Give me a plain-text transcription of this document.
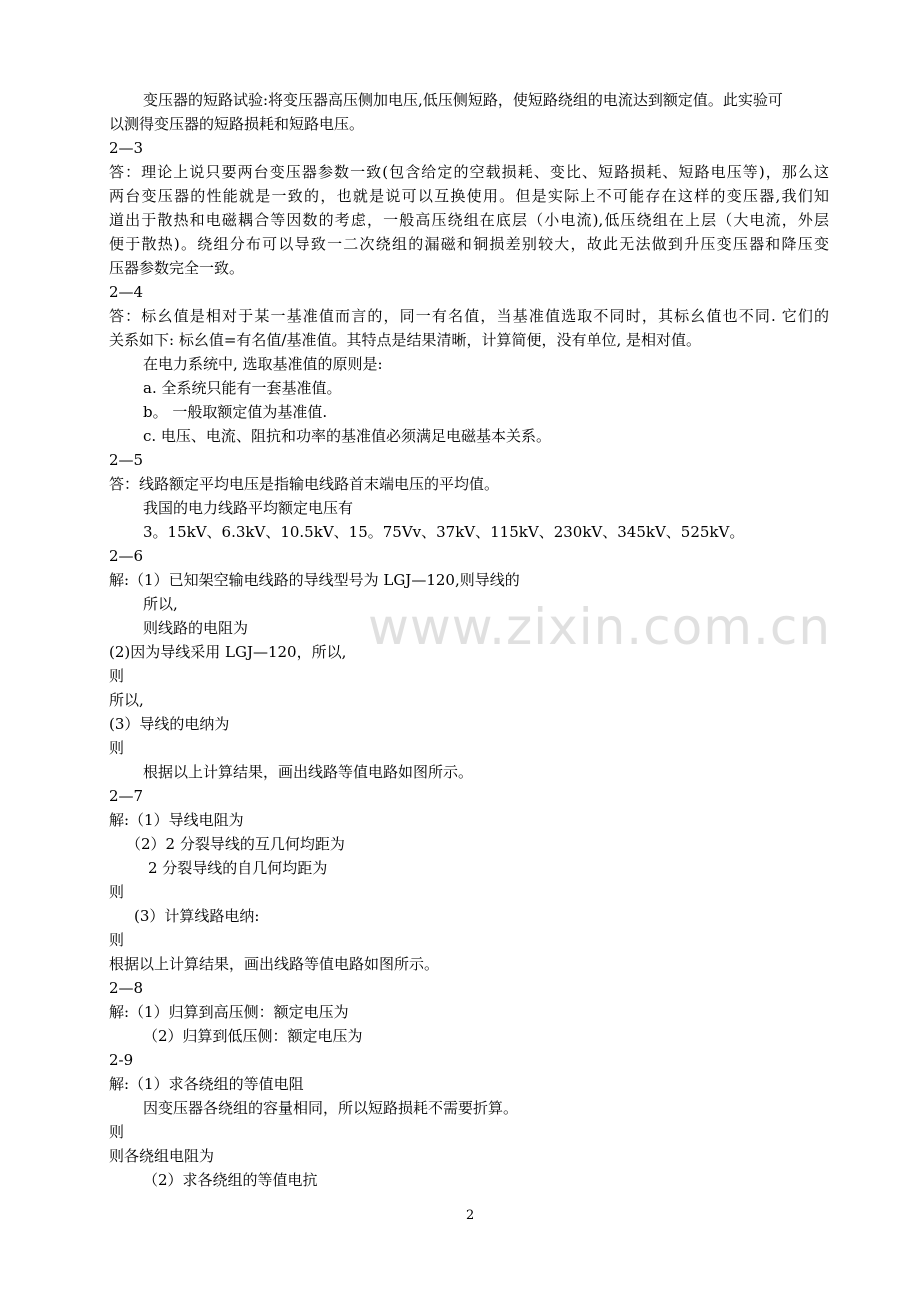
变压器的短路试验:将变压器高压侧加电压,低压侧短路，使短路绕组的电流达到额定值。此实验可
以测得变压器的短路损耗和短路电压。
2—3
答：理论上说只要两台变压器参数一致(包含给定的空载损耗、变比、短路损耗、短路电压等)，那么这
两台变压器的性能就是一致的，也就是说可以互换使用。但是实际上不可能存在这样的变压器,我们知
道出于散热和电磁耦合等因数的考虑，一般高压绕组在底层（小电流),低压绕组在上层（大电流，外层
便于散热)。绕组分布可以导致一二次绕组的漏磁和铜损差别较大，故此无法做到升压变压器和降压变
压器参数完全一致。
2—4
答：标幺值是相对于某一基准值而言的，同一有名值，当基准值选取不同时，其标幺值也不同. 它们的
关系如下: 标幺值=有名值/基准值。其特点是结果清晰，计算简便，没有单位, 是相对值。
在电力系统中, 选取基准值的原则是:
a. 全系统只能有一套基准值。
b。 一般取额定值为基准值.
c. 电压、电流、阻抗和功率的基准值必须满足电磁基本关系。
2—5
答：线路额定平均电压是指输电线路首末端电压的平均值。
我国的电力线路平均额定电压有
3。15kV、6.3kV、10.5kV、15。75Vv、37kV、115kV、230kV、345kV、525kV。
2—6
解:（1）已知架空输电线路的导线型号为 LGJ—120,则导线的
所以,
则线路的电阻为
(2)因为导线采用 LGJ—120，所以,
则
所以,
(3）导线的电纳为
则
根据以上计算结果，画出线路等值电路如图所示。
2—7
解:（1）导线电阻为
（2）2 分裂导线的互几何均距为
2 分裂导线的自几何均距为
则
(3）计算线路电纳:
则
根据以上计算结果，画出线路等值电路如图所示。
2—8
解:（1）归算到高压侧：额定电压为
（2）归算到低压侧：额定电压为
2-9
解:（1）求各绕组的等值电阻
因变压器各绕组的容量相同，所以短路损耗不需要折算。
则
则各绕组电阻为
（2）求各绕组的等值电抗
www.zixin.com.cn
2
